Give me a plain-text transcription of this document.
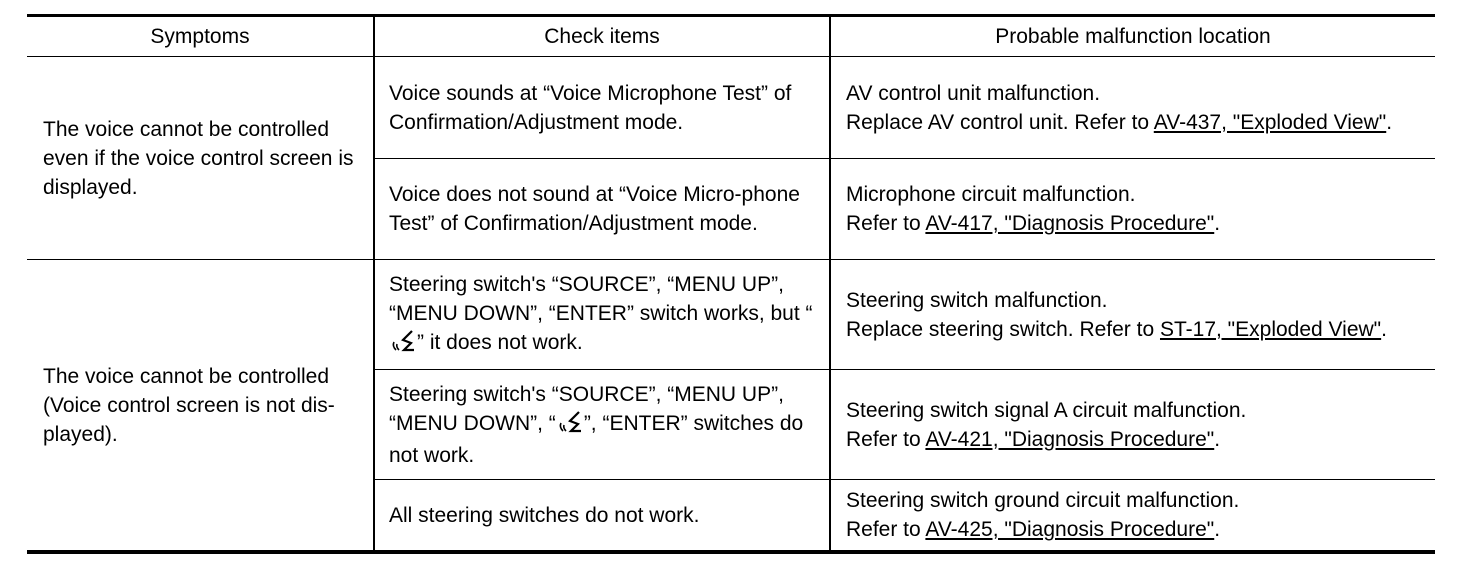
Symptoms	Check items	Probable malfunction location
The voice cannot be controlled even if the voice control screen is displayed.
Voice sounds at “Voice Microphone Test” of Confirmation/Adjustment mode.
AV control unit malfunction.
Replace AV control unit. Refer to AV-437, "Exploded View".
Voice does not sound at “Voice Micro-phone Test” of Confirmation/Adjustment mode.
Microphone circuit malfunction.
Refer to AV-417, "Diagnosis Procedure".
The voice cannot be controlled (Voice control screen is not dis-played).
Steering switch's “SOURCE”, “MENU UP”, “MENU DOWN”, “ENTER” switch works, but “” it does not work.
Steering switch malfunction.
Replace steering switch. Refer to ST-17, "Exploded View".
Steering switch's “SOURCE”, “MENU UP”, “MENU DOWN”, “ ”, “ENTER” switches do not work.
Steering switch signal A circuit malfunction.
Refer to AV-421, "Diagnosis Procedure".
All steering switches do not work.
Steering switch ground circuit malfunction.
Refer to AV-425, "Diagnosis Procedure".
